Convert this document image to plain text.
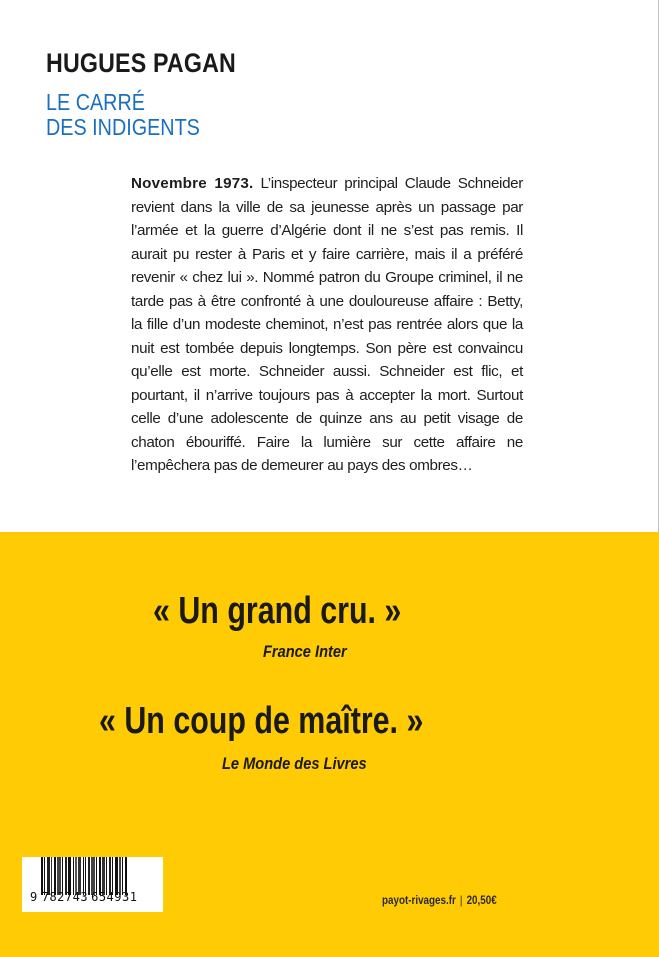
HUGUES PAGAN
LE CARRÉ
DES INDIGENTS
Novembre 1973. L’inspecteur principal Claude Schneider revient dans la ville de sa jeunesse après un passage par l’armée et la guerre d’Algérie dont il ne s’est pas remis. Il aurait pu rester à Paris et y faire carrière, mais il a préféré revenir « chez lui ». Nommé patron du Groupe criminel, il ne tarde pas à être confronté à une douloureuse affaire : Betty, la fille d’un modeste cheminot, n’est pas rentrée alors que la nuit est tombée depuis longtemps. Son père est convaincu qu’elle est morte. Schneider aussi. Schneider est flic, et pourtant, il n’arrive toujours pas à accepter la mort. Surtout celle d’une adolescente de quinze ans au petit visage de chaton ébouriffé. Faire la lumière sur cette affaire ne l’empêchera pas de demeurer au pays des ombres…
« Un grand cru. »
France Inter
« Un coup de maître. »
Le Monde des Livres
9 782743 654931	payot-rivages.fr | 20,50€
